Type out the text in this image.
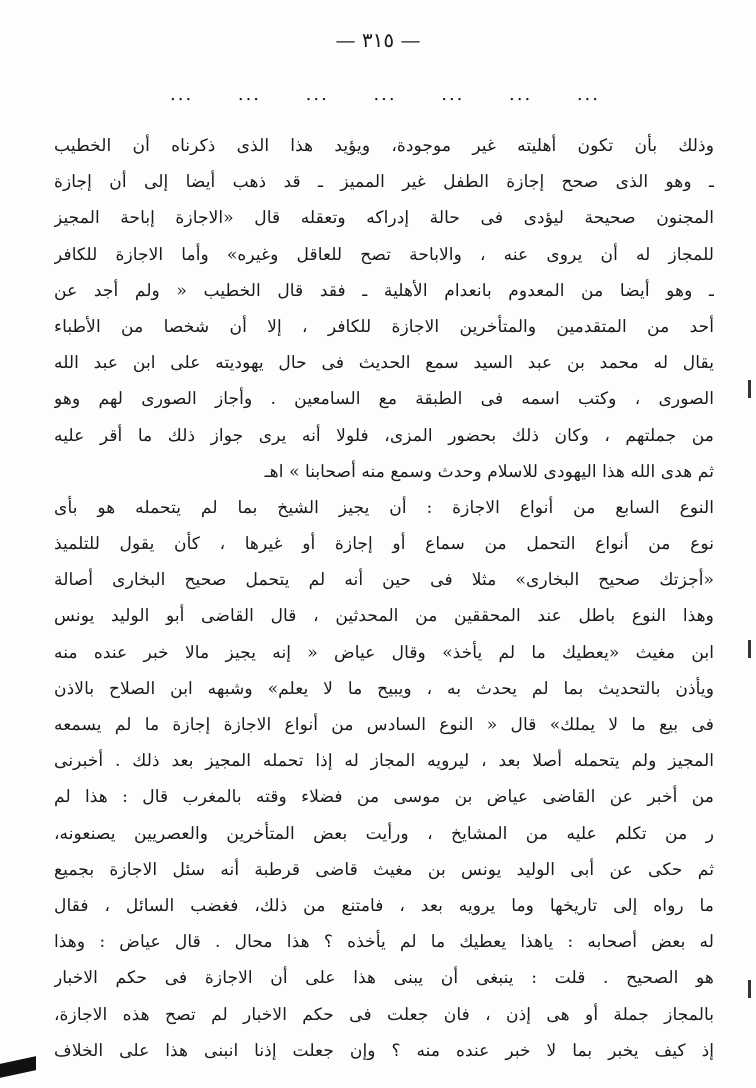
— ٣١٥ —
...
...
...
...
...
...
...
وذلك بأن تكون أهليته غير موجودة، ويؤيد هذا الذى ذكرناه أن الخطيب
ـ وهو الذى صحح إجازة الطفل غير المميز ـ قد ذهب أيضا إلى أن إجازة
المجنون صحيحة ليؤدى فى حالة إدراكه وتعقله قال «الاجازة إباحة المجيز
للمجاز له أن يروى عنه ، والاباحة تصح للعاقل وغيره» وأما الاجازة للكافر
ـ وهو أيضا من المعدوم بانعدام الأهلية ـ فقد قال الخطيب « ولم أجد عن
أحد من المتقدمين والمتأخرين الاجازة للكافر ، إلا أن شخصا من الأطباء
يقال له محمد بن عبد السيد سمع الحديث فى حال يهوديته على ابن عبد الله
الصورى ، وكتب اسمه فى الطبقة مع السامعين . وأجاز الصورى لهم وهو
من جملتهم ، وكان ذلك بحضور المزى، فلولا أنه يرى جواز ذلك ما أقر عليه
ثم هدى الله هذا اليهودى للاسلام وحدث وسمع منه أصحابنا » اهـ
النوع السابع من أنواع الاجازة : أن يجيز الشيخ بما لم يتحمله هو بأى
نوع من أنواع التحمل من سماع أو إجازة أو غيرها ، كأن يقول للتلميذ
«أجزتك صحيح البخارى» مثلا فى حين أنه لم يتحمل صحيح البخارى أصالة
وهذا النوع باطل عند المحققين من المحدثين ، قال القاضى أبو الوليد يونس
ابن مغيث «يعطيك ما لم يأخذ» وقال عياض « إنه يجيز مالا خبر عنده منه
ويأذن بالتحديث بما لم يحدث به ، ويبيح ما لا يعلم» وشبهه ابن الصلاح بالاذن
فى بيع ما لا يملك» قال « النوع السادس من أنواع الاجازة إجازة ما لم يسمعه
المجيز ولم يتحمله أصلا بعد ، ليرويه المجاز له إذا تحمله المجيز بعد ذلك . أخبرنى
من أخبر عن القاضى عياض بن موسى من فضلاء وقته بالمغرب قال : هذا لم
ر من تكلم عليه من المشايخ ، ورأيت بعض المتأخرين والعصريين يصنعونه،
ثم حكى عن أبى الوليد يونس بن مغيث قاضى قرطبة أنه سئل الاجازة بجميع
ما رواه إلى تاريخها وما يرويه بعد ، فامتنع من ذلك، فغضب السائل ، فقال
له بعض أصحابه : ياهذا يعطيك ما لم يأخذه ؟ هذا محال . قال عياض : وهذا
هو الصحيح . قلت : ينبغى أن يبنى هذا على أن الاجازة فى حكم الاخبار
بالمجاز جملة أو هى إذن ، فان جعلت فى حكم الاخبار لم تصح هذه الاجازة،
إذ كيف يخبر بما لا خبر عنده منه ؟ وإن جعلت إذنا انبنى هذا على الخلاف
